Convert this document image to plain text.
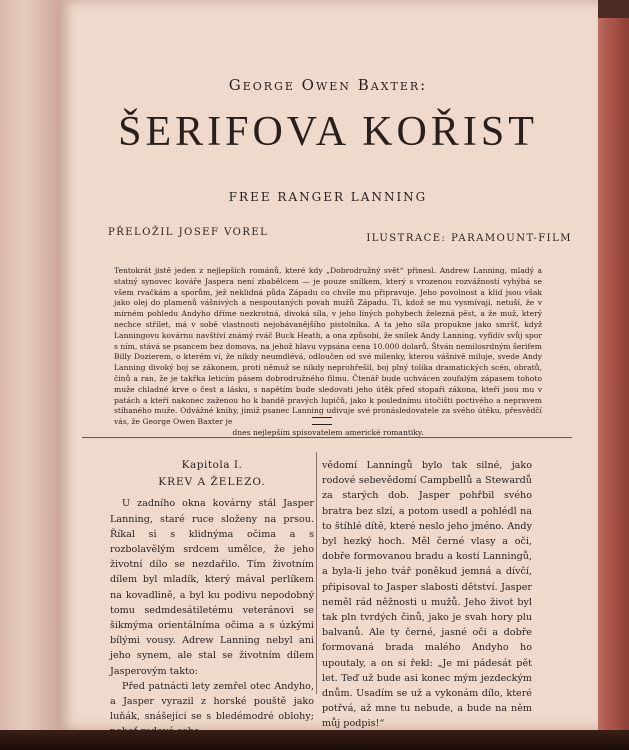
George Owen Baxter:
ŠERIFOVA KOŘIST
FREE RANGER LANNING
PŘELOŽIL JOSEF VOREL
ILUSTRACE: PARAMOUNT-FILM
Tentokrát jistě jeden z nejlepších románů, které kdy „Dobrodružný svět“ přinesl. Andrew Lanning, mladý a statný synovec kováře Jaspera není zbabělcem — je pouze snílkem, který s vrozenou rozvážností vyhýbá se všem rvačkám a sporům, jež neklidná půda Západu co chvíle mu připravuje. Jeho povolnost a klid jsou však jako olej do plamenů vášnivých a nespoutaných povah mužů Západu. Ti, kdož se mu vysmívají, netuší, že v mírném pohledu Andyho dříme nezkrotná, divoká síla, v jeho líných pohybech železná pěst, a že muž, který nechce střílet, má v sobě vlastnosti nejobávanějšího pistolníka. A ta jeho síla propukne jako smršť, když Lanningovu kovárnu navštíví známý rváč Buck Heath, a ona způsobí, že snílek Andy Lanning, vyfídív svůj spor s ním, stává se psancem bez domova, na jehož hlavu vypsána cena 10.000 dolarů. Štván nemilosrdným šerifem Billy Dozierem, o kterém ví, že nikdy neumdlévá, odloučen od své milenky, kterou vášnivě miluje, svede Andy Lanning divoký boj se zákonem, proti němuž se nikdy neprohřešil, boj plný tolika dramatických scén, obratů, činů a ran, že je takřka leticím pásem dobrodružného filmu. Čtenář bude uchvácen zoufalým zápasem tohoto muže chladné krve o čest a lásku, s napětím bude sledovati jeho útěk před stopaři zákona, kteří jsou mu v patách a kteří nakonec zaženou ho k bandě pravých lupičů, jako k poslednímu útočišti poctivého a nepravem stíhaného muže. Odvážné knihy, jimiž psanec Lanning udivuje své pronásledovatele za svého útěku, přesvědčí vás, že George Owen Baxter je
dnes nejlepším spisovatelem americké romantiky.
Kapitola I.
KREV A ŽELEZO.

U zadního okna kovárny stál Jasper Lanning, staré ruce složeny na prsou. Říkal si s klidnýma očima a s rozbolavělým srdcem umělce, že jeho životní dílo se nezdařilo. Tím životním dílem byl mladík, který mával perlíkem na kovadlině, a byl ku podivu nepodobný tomu sedmdesátiletému veteránovi se šikmýma orientálníma očima a s úzkými bílými vousy. Adrew Lanning nebyl ani jeho synem, ale stal se životním dílem Jasperovým takto:

Před patnácti lety zemřel otec Andyho, a Jasper vyrazil z horské pouště jako luňák, snášející se s bledémodré oblohy; neboť rodové sebe-

vědomí Lanningů bylo tak silné, jako rodové sebevědomí Campbellů a Stewardů za starých dob. Jasper pohřbil svého bratra bez slzí, a potom usedl a pohlédl na to štíhlé dítě, které neslo jeho jméno. Andy byl hezký hoch. Měl černé vlasy a oči, dobře formovanou bradu a kostí Lanningů, a byla-li jeho tvář poněkud jemná a dívčí, připisoval to Jasper slabosti dětství. Jasper neměl rád něžnosti u mužů. Jeho život byl tak pln tvrdých činů, jako je svah hory plu balvanů. Ale ty černé, jasné oči a dobře formovaná brada malého Andyho ho upoutaly, a on si řekl: „Je mi pádesát pět let. Teď už bude asi konec mým jezdeckým dnům. Usadím se už a vykonám dílo, které potřvá, až mne tu nebude, a bude na něm můj podpis!“
